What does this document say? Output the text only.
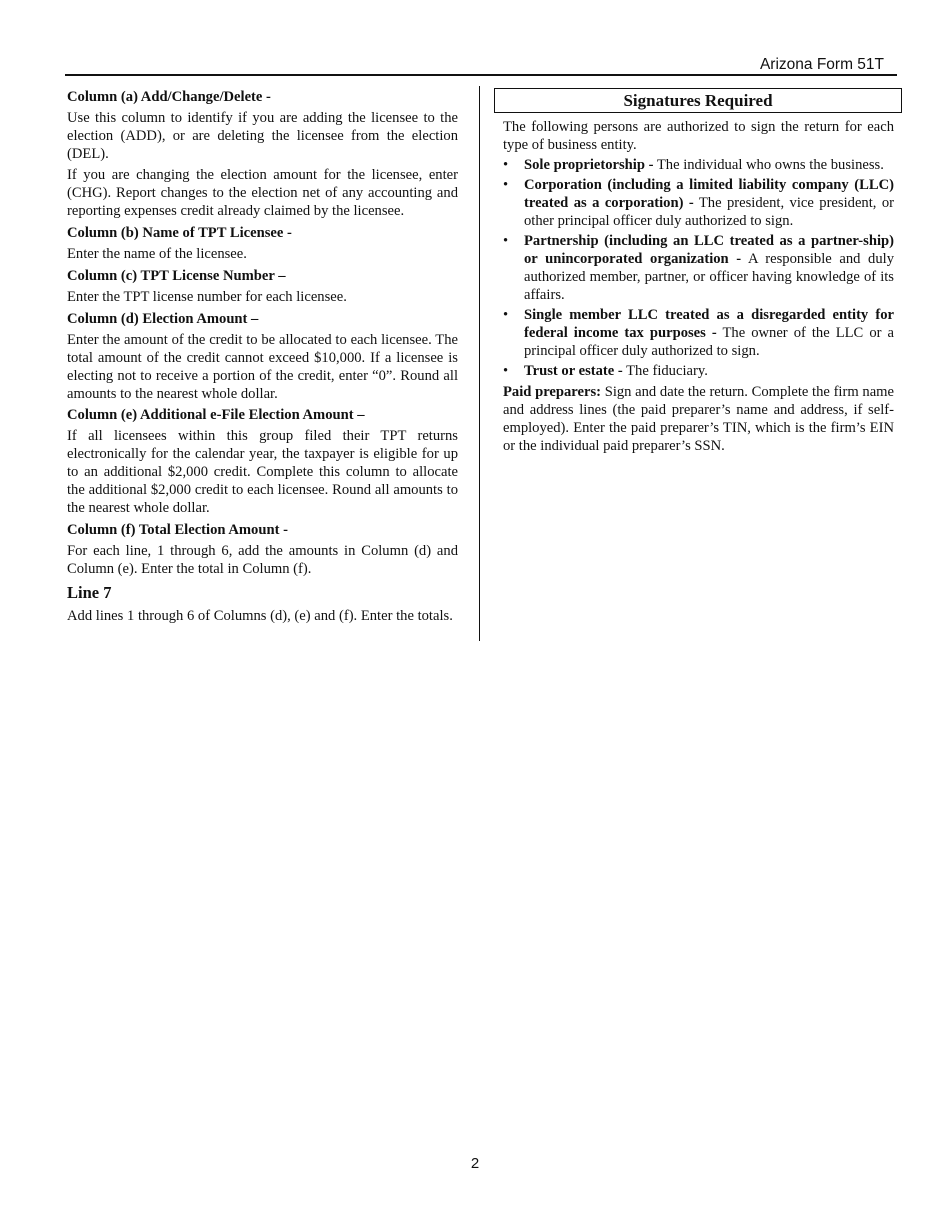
Arizona Form 51T
Column (a) Add/Change/Delete -

Use this column to identify if you are adding the licensee to the election (ADD), or are deleting the licensee from the election (DEL).

If you are changing the election amount for the licensee, enter (CHG). Report changes to the election net of any accounting and reporting expenses credit already claimed by the licensee.

Column (b) Name of TPT Licensee -

Enter the name of the licensee.

Column (c) TPT License Number –

Enter the TPT license number for each licensee.

Column (d) Election Amount –

Enter the amount of the credit to be allocated to each licensee. The total amount of the credit cannot exceed $10,000. If a licensee is electing not to receive a portion of the credit, enter “0”. Round all amounts to the nearest whole dollar.

Column (e) Additional e-File Election Amount –

If all licensees within this group filed their TPT returns electronically for the calendar year, the taxpayer is eligible for up to an additional $2,000 credit. Complete this column to allocate the additional $2,000 credit to each licensee. Round all amounts to the nearest whole dollar.

Column (f) Total Election Amount -

For each line, 1 through 6, add the amounts in Column (d) and Column (e). Enter the total in Column (f).

Line 7

Add lines 1 through 6 of Columns (d), (e) and (f). Enter the totals.

Signatures Required

The following persons are authorized to sign the return for each type of business entity.

• Sole proprietorship - The individual who owns the business.
• Corporation (including a limited liability company (LLC) treated as a corporation) - The president, vice president, or other principal officer duly authorized to sign.
• Partnership (including an LLC treated as a partner-ship) or unincorporated organization - A responsible and duly authorized member, partner, or officer having knowledge of its affairs.
• Single member LLC treated as a disregarded entity for federal income tax purposes - The owner of the LLC or a principal officer duly authorized to sign.
• Trust or estate - The fiduciary.

Paid preparers: Sign and date the return. Complete the firm name and address lines (the paid preparer’s name and address, if self-employed). Enter the paid preparer’s TIN, which is the firm’s EIN or the individual paid preparer’s SSN.

2
